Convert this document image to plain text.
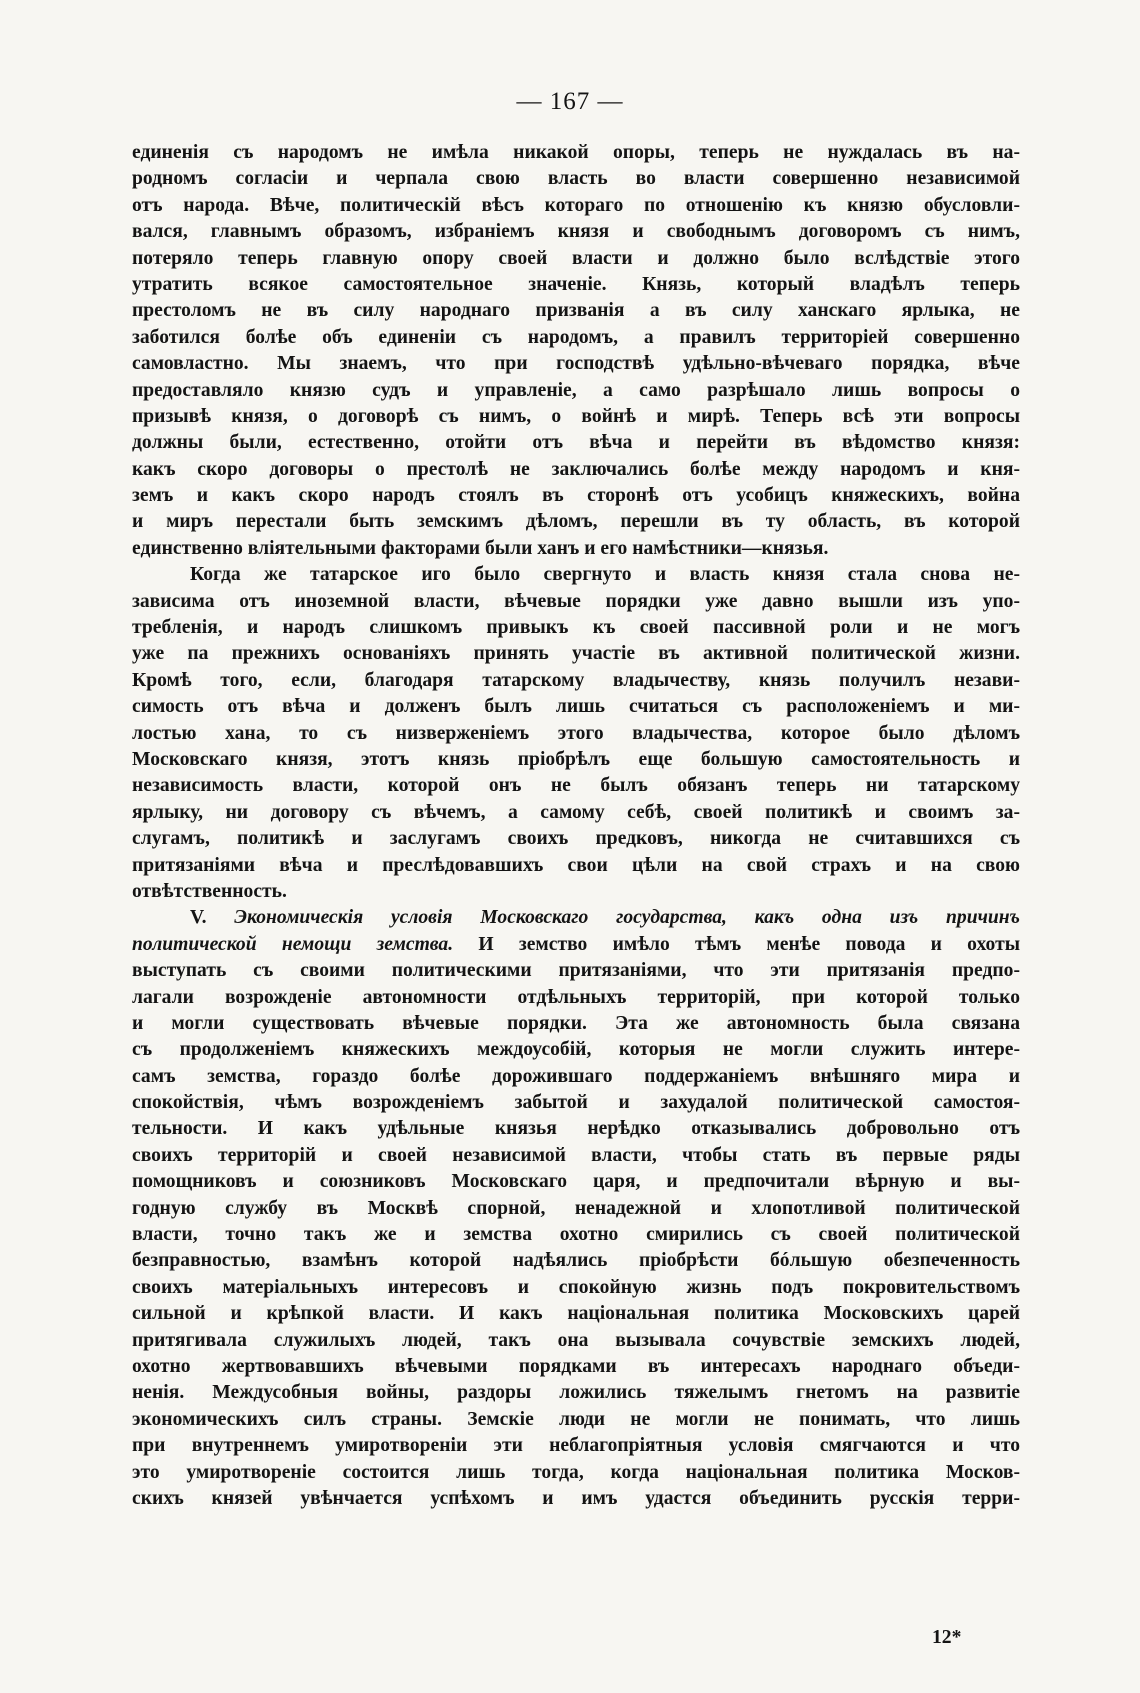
— 167 —
единенія съ народомъ не имѣла никакой опоры, теперь не нуждалась въ на-
родномъ согласіи и черпала свою власть во власти совершенно независимой
отъ народа. Вѣче, политическій вѣсъ котораго по отношенію къ князю обусловли-
вался, главнымъ образомъ, избраніемъ князя и свободнымъ договоромъ съ нимъ,
потеряло теперь главную опору своей власти и должно было вслѣдствіе этого
утратить всякое самостоятельное значеніе. Князь, который владѣлъ теперь
престоломъ не въ силу народнаго призванія а въ силу ханскаго ярлыка, не
заботился болѣе объ единеніи съ народомъ, а правилъ территоріей совершенно
самовластно. Мы знаемъ, что при господствѣ удѣльно-вѣчеваго порядка, вѣче
предоставляло князю судъ и управленіе, а само разрѣшало лишь вопросы о
призывѣ князя, о договорѣ съ нимъ, о войнѣ и мирѣ. Теперь всѣ эти вопросы
должны были, естественно, отойти отъ вѣча и перейти въ вѣдомство князя:
какъ скоро договоры о престолѣ не заключались болѣе между народомъ и кня-
земъ и какъ скоро народъ стоялъ въ сторонѣ отъ усобицъ княжескихъ, война
и миръ перестали быть земскимъ дѣломъ, перешли въ ту область, въ которой
единственно вліятельными факторами были ханъ и его намѣстники—князья.
Когда же татарское иго было свергнуто и власть князя стала снова не-
зависима отъ иноземной власти, вѣчевые порядки уже давно вышли изъ упо-
требленія, и народъ слишкомъ привыкъ къ своей пассивной роли и не могъ
уже па прежнихъ основаніяхъ принять участіе въ активной политической жизни.
Кромѣ того, если, благодаря татарскому владычеству, князь получилъ незави-
симость отъ вѣча и долженъ былъ лишь считаться съ расположеніемъ и ми-
лостью хана, то съ низверженіемъ этого владычества, которое было дѣломъ
Московскаго князя, этотъ князь пріобрѣлъ еще большую самостоятельность и
независимость власти, которой онъ не былъ обязанъ теперь ни татарскому
ярлыку, ни договору съ вѣчемъ, а самому себѣ, своей политикѣ и своимъ за-
слугамъ, политикѣ и заслугамъ своихъ предковъ, никогда не считавшихся съ
притязаніями вѣча и преслѣдовавшихъ свои цѣли на свой страхъ и на свою
отвѣтственность.
V. Экономическія условія Московскаго государства, какъ одна изъ причинъ
политической немощи земства. И земство имѣло тѣмъ менѣе повода и охоты
выступать съ своими политическими притязаніями, что эти притязанія предпо-
лагали возрожденіе автономности отдѣльныхъ территорій, при которой только
и могли существовать вѣчевые порядки. Эта же автономность была связана
съ продолженіемъ княжескихъ междоусобій, которыя не могли служить интере-
самъ земства, гораздо болѣе дорожившаго поддержаніемъ внѣшняго мира и
спокойствія, чѣмъ возрожденіемъ забытой и захудалой политической самостоя-
тельности. И какъ удѣльные князья нерѣдко отказывались добровольно отъ
своихъ территорій и своей независимой власти, чтобы стать въ первые ряды
помощниковъ и союзниковъ Московскаго царя, и предпочитали вѣрную и вы-
годную службу въ Москвѣ спорной, ненадежной и хлопотливой политической
власти, точно такъ же и земства охотно смирились съ своей политической
безправностью, взамѣнъ которой надѣялись пріобрѣсти бóльшую обезпеченность
своихъ матеріальныхъ интересовъ и спокойную жизнь подъ покровительствомъ
сильной и крѣпкой власти. И какъ національная политика Московскихъ царей
притягивала служилыхъ людей, такъ она вызывала сочувствіе земскихъ людей,
охотно жертвовавшихъ вѣчевыми порядками въ интересахъ народнаго объеди-
ненія. Междусобныя войны, раздоры ложились тяжелымъ гнетомъ на развитіе
экономическихъ силъ страны. Земскіе люди не могли не понимать, что лишь
при внутреннемъ умиротвореніи эти неблагопріятныя условія смягчаются и что
это умиротвореніе состоится лишь тогда, когда національная политика Москов-
скихъ князей увѣнчается успѣхомъ и имъ удастся объединить русскія терри-
12*
